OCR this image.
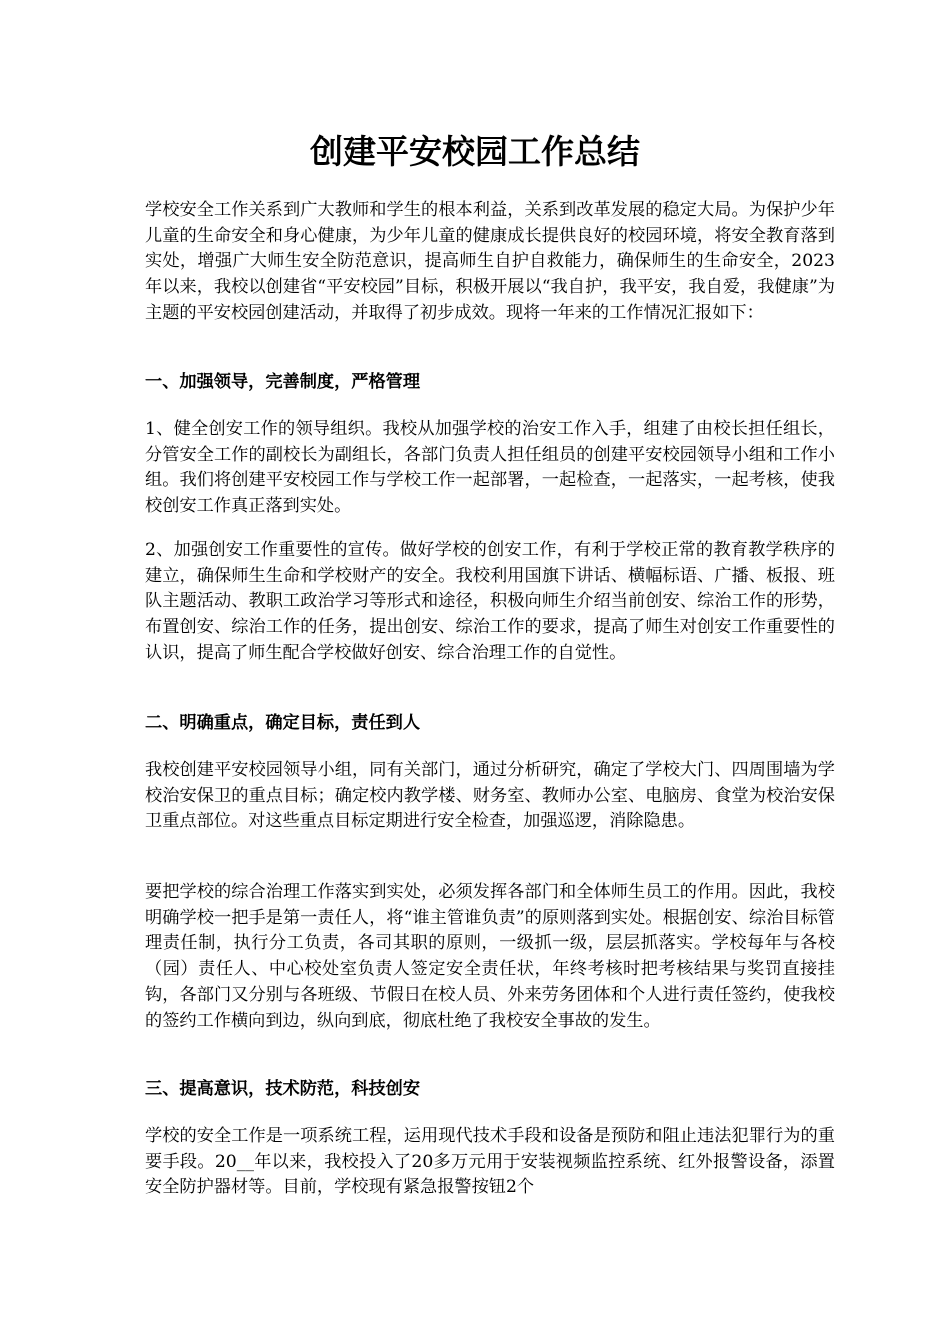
创建平安校园工作总结

学校安全工作关系到广大教师和学生的根本利益，关系到改革发展的稳定大局。为保护少年儿童的生命安全和身心健康，为少年儿童的健康成长提供良好的校园环境，将安全教育落到实处，增强广大师生安全防范意识，提高师生自护自救能力，确保师生的生命安全，2023年以来，我校以创建省“平安校园”目标，积极开展以“我自护，我平安，我自爱，我健康”为主题的平安校园创建活动，并取得了初步成效。现将一年来的工作情况汇报如下：

一、加强领导，完善制度，严格管理

1、健全创安工作的领导组织。我校从加强学校的治安工作入手，组建了由校长担任组长，分管安全工作的副校长为副组长，各部门负责人担任组员的创建平安校园领导小组和工作小组。我们将创建平安校园工作与学校工作一起部署，一起检查，一起落实，一起考核，使我校创安工作真正落到实处。

2、加强创安工作重要性的宣传。做好学校的创安工作，有利于学校正常的教育教学秩序的建立，确保师生生命和学校财产的安全。我校利用国旗下讲话、横幅标语、广播、板报、班队主题活动、教职工政治学习等形式和途径，积极向师生介绍当前创安、综治工作的形势，布置创安、综治工作的任务，提出创安、综治工作的要求，提高了师生对创安工作重要性的认识，提高了师生配合学校做好创安、综合治理工作的自觉性。

二、明确重点，确定目标，责任到人

我校创建平安校园领导小组，同有关部门，通过分析研究，确定了学校大门、四周围墙为学校治安保卫的重点目标；确定校内教学楼、财务室、教师办公室、电脑房、食堂为校治安保卫重点部位。对这些重点目标定期进行安全检查，加强巡逻，消除隐患。

要把学校的综合治理工作落实到实处，必须发挥各部门和全体师生员工的作用。因此，我校明确学校一把手是第一责任人，将“谁主管谁负责”的原则落到实处。根据创安、综治目标管理责任制，执行分工负责，各司其职的原则，一级抓一级，层层抓落实。学校每年与各校（园）责任人、中心校处室负责人签定安全责任状，年终考核时把考核结果与奖罚直接挂钩，各部门又分别与各班级、节假日在校人员、外来劳务团体和个人进行责任签约，使我校的签约工作横向到边，纵向到底，彻底杜绝了我校安全事故的发生。

三、提高意识，技术防范，科技创安

学校的安全工作是一项系统工程，运用现代技术手段和设备是预防和阻止违法犯罪行为的重要手段。20__年以来，我校投入了20多万元用于安装视频监控系统、红外报警设备，添置安全防护器材等。目前，学校现有紧急报警按钮2个
